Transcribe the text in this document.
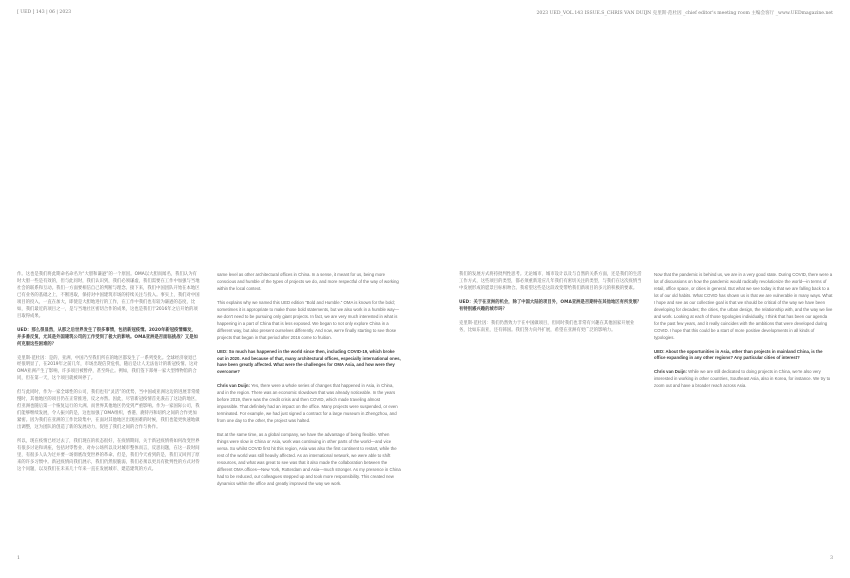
[ UED ] 143 | 06 | 2023	2023 UED_VOL.143 ISSUE.S_CHRIS VAN DUIJN 克里斯·范杜因 _chief editor's meeting room 主编会客厅 _www.UEDmagazine.net

作。这也是我们将此期命名命名为“大胆和谦逊”的一个原因。OMA以大胆而闻名，我们认为有时大胆一些是有效的，但与此同时，我们认识到，我们必须谦虚，我们需要在工作中加强与当地社会的联系和互动。我们一方面要相信自己的判断与理念。接下来，我们中国团队开始在本地区已有业务的基础之上，不断进取，保持对中国建筑市场的持续关注与投入。事实上，我们对中国项目的投入，一直在加大，即使是大胆地进行的工作，在工作中我们也有较为谦逊的态度，比如，我们最近的项目之一，是与当地社区密切合作的成果，这也是我们于2016年之后开始的项目取得成果。

UED：那么很显然，从那之后世界发生了很多事情，包括新冠疫情。2020年新冠疫情爆发，并多番反复，尤其是外国建筑公司的工作受到了极大的影响。OMA亚洲是否面临挑战？又是如何克服这些困难的？

克里斯·范杜因：是的，亚洲、中国乃至我们所在的地区都发生了一系列变化。全球经济衰退已经很明显了，在2019年之前几年，市场出现信贷危机，随后是让人无法估计的新冠疫情。这对OMA亚洲产生了影响，许多项目被暂停，甚至终止。例如，我们签下郑州一家大型博物馆的合同，但在第一天，这个项目就被叫停了。

但与此同时，作为一家全球性的公司，我们也有“灵活”的优势，当中国或亚洲这边的进展非常缓慢时，其他地区的项目仍在正常推进，反之亦然。因此，尽管新冠疫情首先袭击了这边的地区，但亚洲也随后第一个恢复运行的大洲。而世界其他地区仍受到严重影响。作为一家国际公司，我们能够继续发展，令人振兴的是，这也加强了OMA组织，香港、鹿特丹和纽约之间的合作更加紧密。因为我们在亚洲的工作比较集中，在面对其他地区出现困难的时候，我们也能更快速地做出调整，这为团队的创造了新的发展动力，促进了我们之间的合作与协作。

所以，现在疫情已经过去了，我们现在的状态很好，在疫情期间，关于新冠疫情将如何改变世界有很多讨论和讲座，包括对零售业、对办公场所以及对城市整体而言，反思问题，在这一段时间里，有很多人认为过并要一场彻底改变世界的革命。但是，我们今天看到的是，我们又回到了原来的许多习惯中。新冠疫情向我们展示，我们仍然很脆弱，我们必须以更具有批判性的方式对待这个问题，以及我们在未来几十年来一直在发展城市、建造建筑的方式。

same level as other architectural offices in China. In a sense, it meant for us, being more conscious and humble of the types of projects we do, and more respectful of the way of working within the local context.

This explains why we named this UED edition "Bold and Humble." OMA is known for the bold; sometimes it is appropriate to make those bold statements, but we also work in a humble way—we don't need to be pursuing only giant projects. In fact, we are very much interested in what is happening in a part of China that is less exposed. We began to not only explore China in a different way, but also present ourselves differently. And now, we're finally starting to see those projects that began in that period after 2016 come to fruition.

UED: So much has happened in the world since then, including COVID-19, which broke out in 2020. And because of that, many architectural offices, especially international ones, have been greatly affected. What were the challenges for OMA Asia, and how were they overcome?

Chris van Duijn: Yes, there were a whole series of changes that happened in Asia, in China, and in the region. There was an economic slowdown that was already noticeable. In the years before 2019, there was the credit crisis and then COVID, which made traveling almost impossible. That definitely had an impact on the office. Many projects were suspended, or even terminated. For example, we had just signed a contract for a large museum in Zhengzhou, and from one day to the other, the project was halted.

But at the same time, as a global company, we have the advantage of being flexible. When things were slow in China or Asia, work was continuing in other parts of the world—and vice versa. So whilst COVID first hit this region, Asia was also the first continent to restart, while the rest of the world was still heavily affected. As an international network, we were able to shift resources, and what was great to see was that it also made the collaboration between the different OMA offices—New York, Rotterdam and Asia—much stronger. As my presence in China had to be reduced, our colleagues stepped up and took more responsibility. This created new dynamics within the office and greatly improved the way we work.

我们的发展方式将持批判性思考。无论城市、城市设计以及与自然的关系方面，还是我们的生活工作方式，这些项目的类型，都必须重新适应几年我们有密切关注的类型，与我们在这次疫情当中发展形成的愿景目标相吻合。我希望这些是这段改变带给我们新项目的多元的积极的要素。

UED：关于在亚洲的机会，除了中国大陆的项目外，OMA亚洲是否期待在其他地区有所发展？有特别感兴趣的城市吗？

克里斯·范杜因：我们仍然致力于在中国做项目，但同时我们也非常有兴趣在其他国家开展业务，比如东南亚，还有韩国。我们努力向外扩展，希望在亚洲有更广泛的影响力。

Now that the pandemic is behind us, we are in a very good state. During COVID, there were a lot of discussions on how the pandemic would radically revolutionize the world—in terms of retail, office space, or cities in general. But what we see today is that we are falling back to a lot of our old habits. What COVID has shown us is that we are vulnerable in many ways. What I hope and see as our collective goal is that we should be critical of the way we have been developing for decades; the cities, the urban design, the relationship with, and the way we live and work. Looking at each of those typologies individually, I think that has been our agenda for the past few years, and it really coincides with the ambitions that were developed during COVID. I hope that this could be a start of more positive developments in all kinds of typologies.

UED: About the opportunities in Asia, other than projects in mainland China, is the office expanding in any other regions? Any particular cities of interest?

Chris van Duijn: While we are still dedicated to doing projects in China, we're also very interested in working in other countries, Southeast Asia, also in Korea, for instance. We try to zoom out and have a broader reach across Asia.

1	3
